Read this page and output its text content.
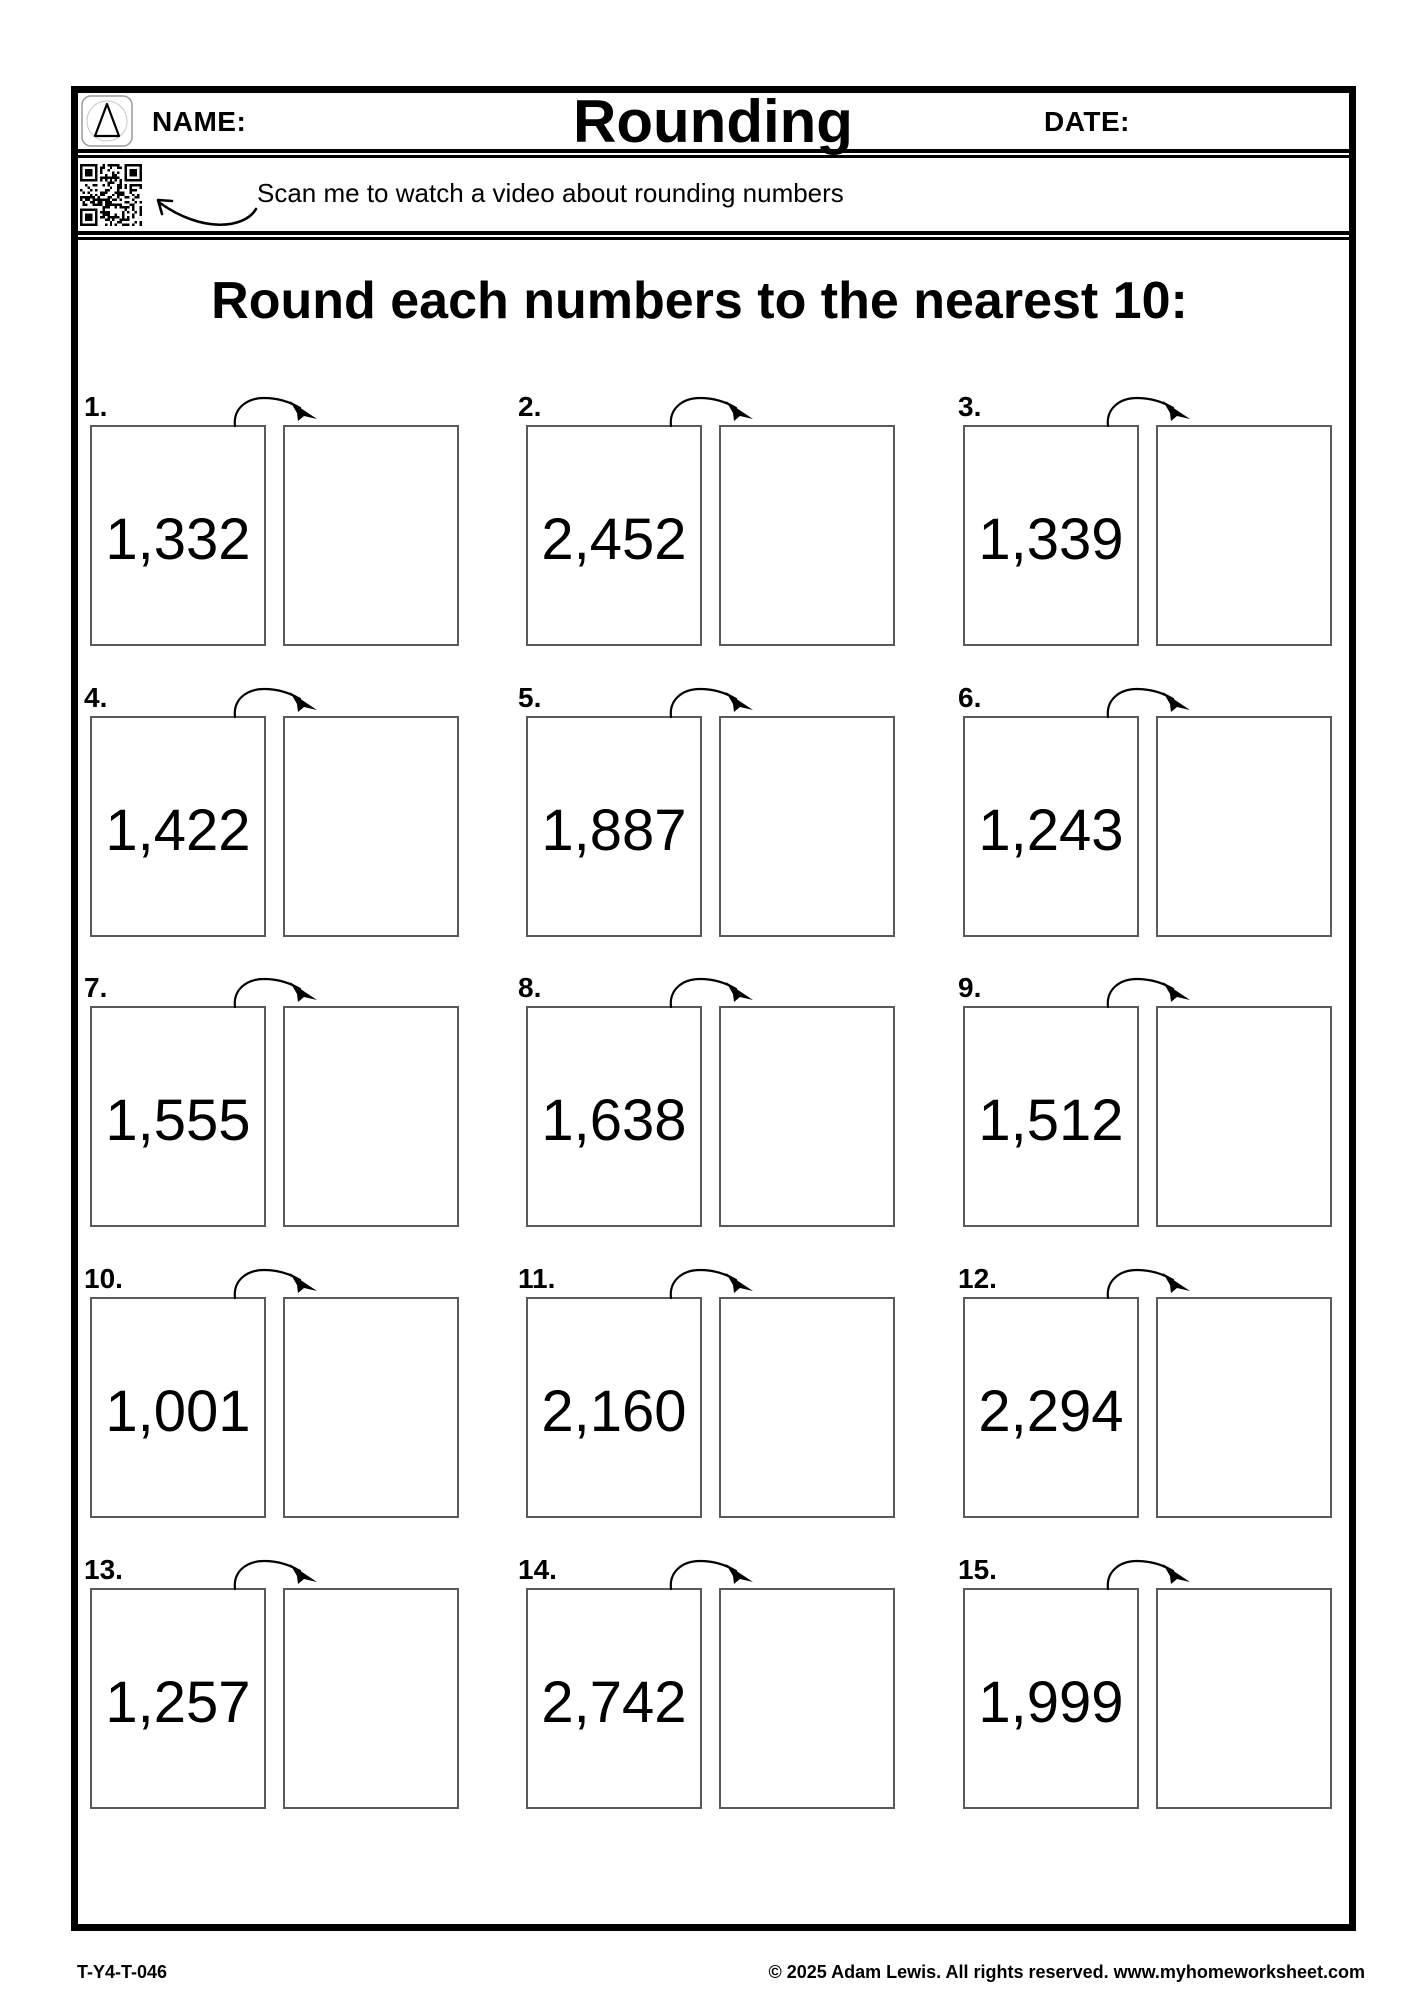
NAME:	Rounding	DATE:
Scan me to watch a video about rounding numbers
Round each numbers to the nearest 10:
1.
1,332
2.
2,452
3.
1,339
4.
1,422
5.
1,887
6.
1,243
7.
1,555
8.
1,638
9.
1,512
10.
1,001
11.
2,160
12.
2,294
13.
1,257
14.
2,742
15.
1,999
T-Y4-T-046	© 2025 Adam Lewis. All rights reserved. www.myhomeworksheet.com
